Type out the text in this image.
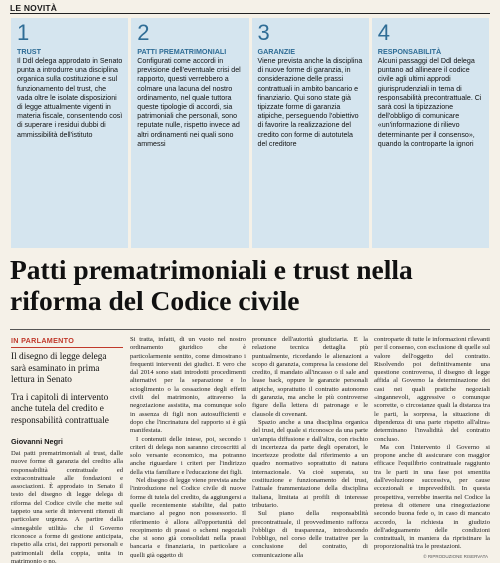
LE NOVITÀ
1
TRUST
Il Ddl delega approdato in Senato punta a introdurre una disciplina organica sulla costituzione e sul funzionamento del trust, che vada oltre le isolate disposizioni di legge attualmente vigenti in materia fiscale, consentendo così di superare i residui dubbi di ammissibilità dell'istituto
2
PATTI PREMATRIMONIALI
Configurati come accordi in previsione dell'eventuale crisi del rapporto, questi verrebbero a colmare una lacuna del nostro ordinamento, nel quale tuttora queste tipologie di accordi, sia patrimoniali che personali, sono reputate nulle, rispetto invece ad altri ordinamenti nei quali sono ammessi
3
GARANZIE
Viene prevista anche la disciplina di nuove forme di garanzia, in considerazione delle prassi contrattuali in ambito bancario e finanziario. Qui sono state già tipizzate forme di garanzia atipiche, perseguendo l'obiettivo di favorire la realizzazione del credito con forme di autotutela del creditore
4
RESPONSABILITÀ
Alcuni passaggi del Ddl delega puntano ad allineare il codice civile agli ultimi approdi giurisprudenziali in tema di responsabilità precontrattuale. Ci sarà così la tipizzazione dell'obbligo di comunicare «un'informazione di rilievo determinante per il consenso», quando la controparte la ignori
Patti prematrimoniali e trust nella riforma del Codice civile
IN PARLAMENTO
Il disegno di legge delega sarà esaminato in prima lettura in Senato
Tra i capitoli di intervento anche tutela del credito e responsabilità contrattuale
Giovanni Negri
Dai patti prematrimoniali al trust, dalle nuove forme di garanzia del credito alla responsabilità contrattuale ed extracontrattuale alle fondazioni e associazioni. È approdato in Senato il testo del disegno di legge delega di riforma del Codice civile che mette sul tappeto una serie di interventi ritenuti di particolare urgenza. A partire dalla «innegabile utilità» che il Governo riconosce a forme di gestione anticipata, rispetto alla crisi, dei rapporti personali e patrimoniali della coppia, unita in matrimonio o no.

Si tratta, infatti, di un vuoto nel nostro ordinamento giuridico che è particolarmente sentito, come dimostrano i frequenti interventi dei giudici. E vero che dal 2014 sono stati introdotti procedimenti alternativi per la separazione e lo scioglimento o la cessazione degli effetti civili del matrimonio, attraverso la negoziazione assistita, ma comunque solo in assenza di figli non autosufficienti e dopo che l'incrinatura del rapporto si è già manifestata.

I contenuti delle intese, poi, secondo i criteri di delega non saranno circoscritti al solo versante economico, ma potranno anche riguardare i criteri per l'indirizzo della vita familiare e l'educazione dei figli.

Nel disegno di legge viene prevista anche l'introduzione nel Codice civile di nuove forme di tutela del credito, da aggiungersi a quelle recentemente stabilite, dal patto marciano al pegno non possessorio. Il riferimento è allora all'opportunità del recepimento di prassi o schemi negoziali che si sono già consolidati nella prassi bancaria e finanziaria, in particolare a quelli già oggetto di

pronunce dell'autorità giudiziaria. E la relazione tecnica dettaglia più puntualmente, ricordando le alienazioni a scopo di garanzia, compresa la cessione del credito, il mandato all'incasso o il sale and lease back, oppure le garanzie personali atipiche, soprattutto il contratto autonomo di garanzia, ma anche le più controverse figure della lettera di patronage e le clausole di covenant.

Spazio anche a una disciplina organica del trust, del quale si riconosce da una parte un'ampia diffusione e dall'altra, con rischio di incertezza da parte degli operatori, le incertezze prodotte dal riferimento a un quadro normativo soprattutto di natura internazionale. Va cioè superata, su costituzione e funzionamento del trust, l'attuale frammentazione della disciplina italiana, limitata ai profili di interesse tributario.

Sul piano della responsabilità precontrattuale, il provvedimento rafforza l'obbligo di trasparenza, introducendo l'obbligo, nel corso delle trattative per la conclusione del contratto, di comunicazione alla

controparte di tutte le informazioni rilevanti per il consenso, con esclusione di quelle sul valore dell'oggetto del contratto. Risolvendo poi definitivamente una questione controversa, il disegno di legge affida al Governo la determinazione dei casi nei quali pratiche negoziali «ingannevoli, aggressive o comunque scorrette, o circostanze quali la distanza tra le parti, la sorpresa, la situazione di dipendenza di una parte rispetto all'altra» determinano l'invalidità del contratto concluso.

Ma con l'intervento il Governo si propone anche di assicurare con maggior efficace l'equilibrio contrattuale raggiunto tra le parti in una fase poi smentita dall'evoluzione successiva, per cause eccezionali e imprevedibili. In questa prospettiva, verrebbe inserita nel Codice la pretesa di ottenere una rinegoziazione secondo buona fede o, in caso di mancato accordo, la richiesta in giudizio dell'adeguamento delle condizioni contrattuali, in maniera da ripristinare la proporzionalità tra le prestazioni.

© RIPRODUZIONE RISERVATA
